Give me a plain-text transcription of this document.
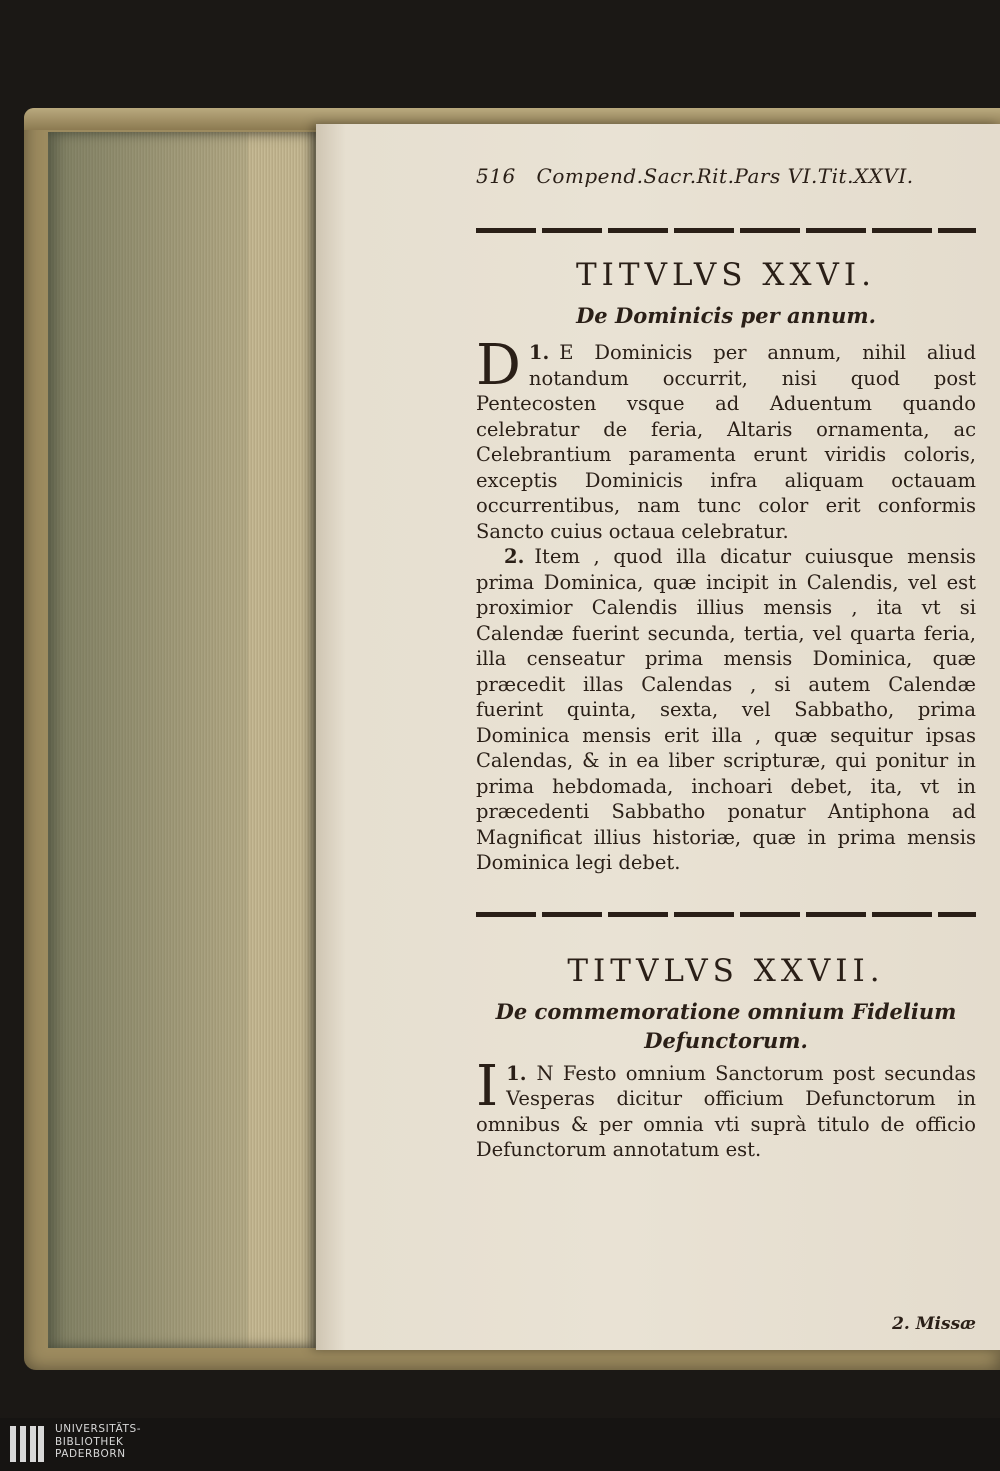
516 Compend.Sacr.Rit.Pars VI.Tit.XXVI.
TITVLVS XXVI.
De Dominicis per annum.

1.
D E Dominicis per annum, nihil aliud notandum occurrit, nisi quod post Pentecosten vsque ad Aduentum quando celebratur de feria, Altaris ornamenta, ac Celebrantium paramenta erunt viridis coloris, exceptis Dominicis infra aliquam octauam occurrentibus, nam tunc color erit conformis Sancto cuius octaua celebratur.

2. Item , quod illa dicatur cuiusque mensis prima Dominica, quæ incipit in Calendis, vel est proximior Calendis illius mensis , ita vt si Calendæ fuerint secunda, tertia, vel quarta feria, illa censeatur prima mensis Dominica, quæ præcedit illas Calendas , si autem Calendæ fuerint quinta, sexta, vel Sabbatho, prima Dominica mensis erit illa , quæ sequitur ipsas Calendas, & in ea liber scripturæ, qui ponitur in prima hebdomada, inchoari debet, ita, vt in præcedenti Sabbatho ponatur Antiphona ad Magnificat illius historiæ, quæ in prima mensis Dominica legi debet.

TITVLVS XXVII.
De commemoratione omnium Fidelium
Defunctorum.

1.
I N Festo omnium Sanctorum post secundas Vesperas dicitur officium Defunctorum in omnibus & per omnia vti suprà titulo de officio Defunctorum annotatum est.

2. Missæ
UNIVERSITÄTS-
BIBLIOTHEK
PADERBORN
